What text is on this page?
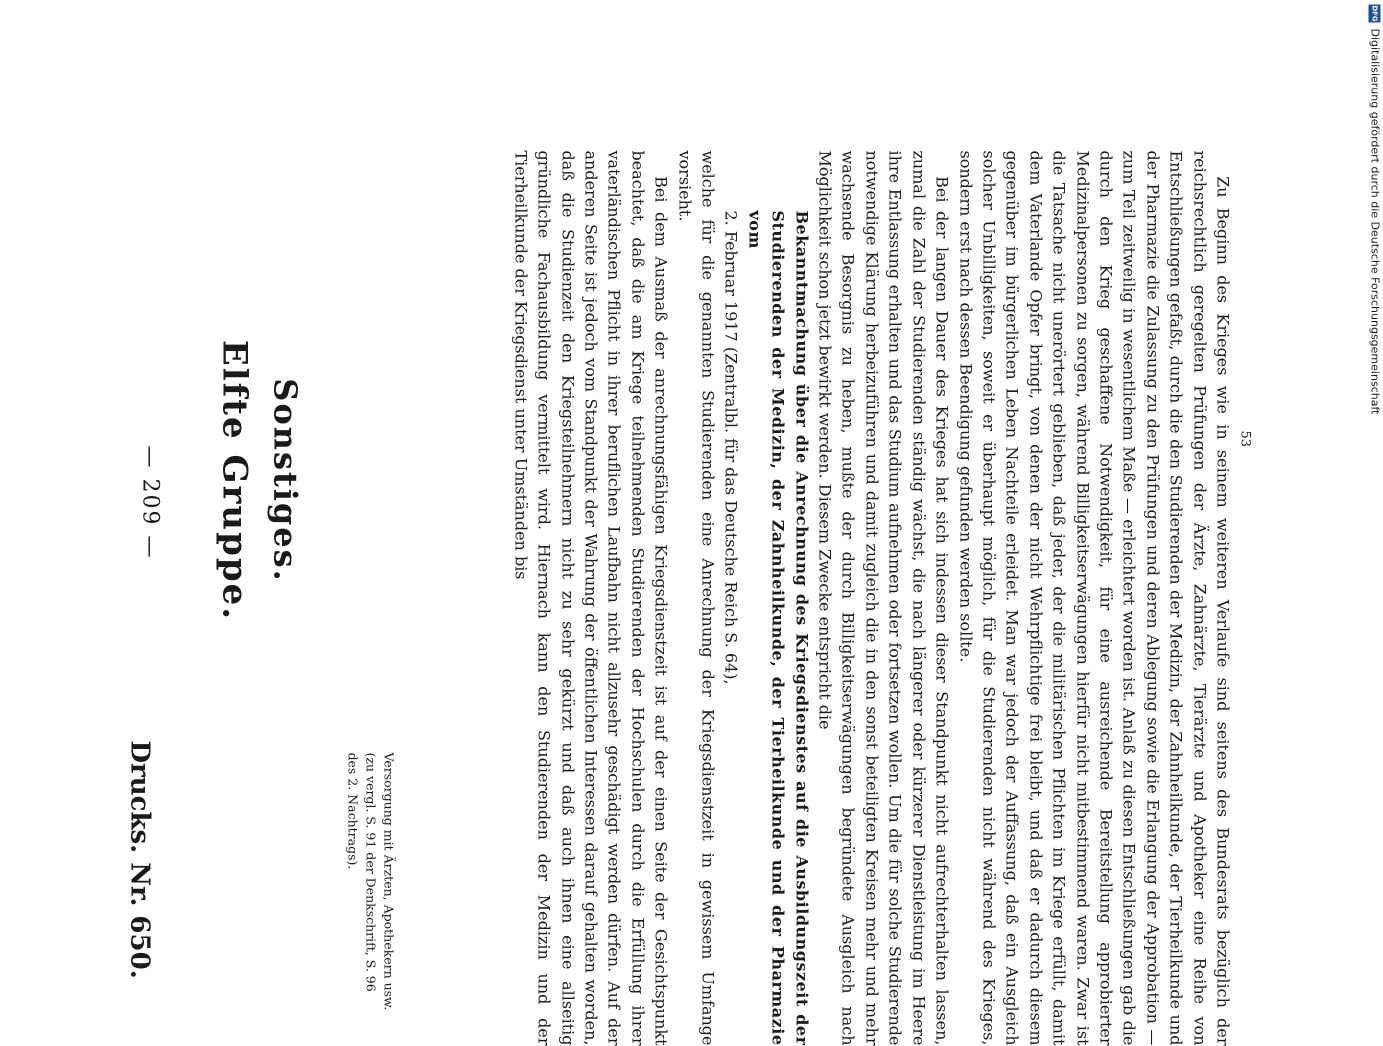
— 209 —
Drucks. Nr. 650.
Elfte Gruppe. Sonstiges.
Versorgung mit Ärzten, Apothekern usw. (zu vergl. S. 91 der Denkschrift, S. 96 des 2. Nachtrags).	Zu Beginn des Krieges wie in seinem weiteren Verlaufe sind seitens des Bundesrats bezüglich der reichsrechtlich geregelten Prüfungen der Ärzte, Zahnärzte, Tierärzte und Apotheker eine Reihe von Entschließungen gefaßt, durch die den Studierenden der Medizin, der Zahnheilkunde, der Tierheilkunde und der Pharmazie die Zulassung zu den Prüfungen und deren Ablegung sowie die Erlangung der Approbation — zum Teil zeitweilig in wesentlichem Maße — erleichtert worden ist. Anlaß zu diesen Entschließungen gab die durch den Krieg geschaffene Notwendigkeit, für eine ausreichende Bereitstellung approbierter Medizinalpersonen zu sorgen, während Billigkeitserwägungen hierfür nicht mitbestimmend waren. Zwar ist die Tatsache nicht unerörtert geblieben, daß jeder, der die militärischen Pflichten im Kriege erfüllt, damit dem Vaterlande Opfer bringt, von denen der nicht Wehrpflichtige frei bleibt, und daß er dadurch diesem gegenüber im bürgerlichen Leben Nachteile erleidet. Man war jedoch der Auffassung, daß ein Ausgleich solcher Unbilligkeiten, soweit er überhaupt möglich, für die Studierenden nicht während des Krieges, sondern erst nach dessen Beendigung gefunden werden sollte.

Bei der langen Dauer des Krieges hat sich indessen dieser Standpunkt nicht aufrechterhalten lassen, zumal die Zahl der Studierenden ständig wächst, die nach längerer oder kürzerer Dienstleistung im Heere ihre Entlassung erhalten und das Studium aufnehmen oder fortsetzen wollen. Um die für solche Studierende notwendige Klärung herbeizuführen und damit zugleich die in den sonst beteiligten Kreisen mehr und mehr wachsende Besorgnis zu heben, mußte der durch Billigkeitserwägungen begründete Ausgleich nach Möglichkeit schon jetzt bewirkt werden. Diesem Zwecke entspricht die

Bekanntmachung über die Anrechnung des Kriegsdienstes auf die Ausbildungszeit der Studierenden der Medizin, der Zahnheilkunde, der Tierheilkunde und der Pharmazie vom

2. Februar 1917 (Zentralbl. für das Deutsche Reich S. 64),

welche für die genannten Studierenden eine Anrechnung der Kriegsdienstzeit in gewissem Umfange vorsieht.

Bei dem Ausmaß der anrechnungsfähigen Kriegsdienstzeit ist auf der einen Seite der Gesichtspunkt beachtet, daß die am Kriege teilnehmenden Studierenden der Hochschulen durch die Erfüllung ihrer vaterländischen Pflicht in ihrer beruflichen Laufbahn nicht allzusehr geschädigt werden dürfen. Auf der anderen Seite ist jedoch vom Standpunkt der Wahrung der öffentlichen Interessen darauf gehalten worden, daß die Studienzeit den Kriegsteilnehmern nicht zu sehr gekürzt und daß auch ihnen eine allseitig gründliche Fachausbildung vermittelt wird. Hiernach kann den Studierenden der Medizin und der Tierheilkunde der Kriegsdienst unter Umständen bis	53
DFG
Digitalisierung gefördert durch die Deutsche Forschungsgemeinschaft
